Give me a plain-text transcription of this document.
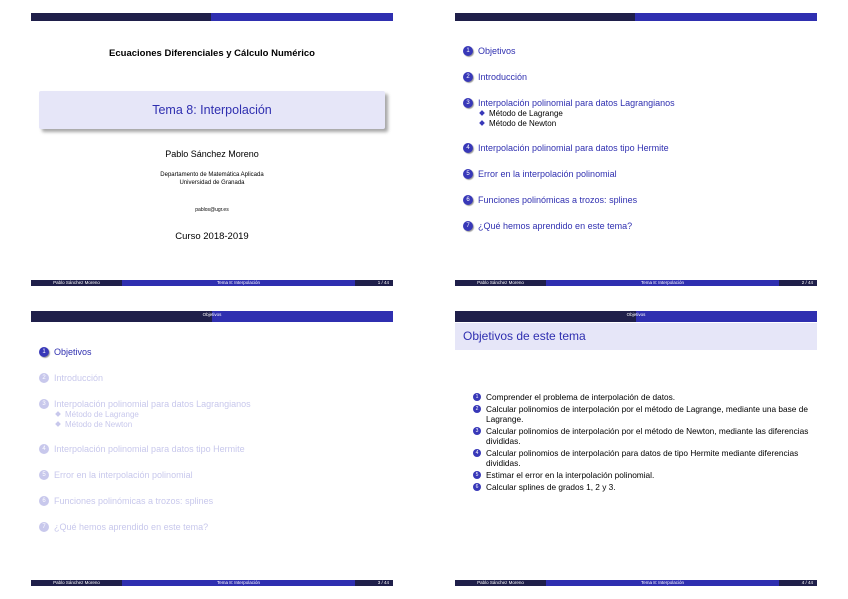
Ecuaciones Diferenciales y Cálculo Numérico
Tema 8: Interpolación
Pablo Sánchez Moreno
Departamento de Matemática Aplicada
Universidad de Granada
pablos@ugr.es
Curso 2018-2019
Pablo Sánchez Moreno	Tema 8: Interpolación	1 / 44
1 Objetivos
2 Introducción
3 Interpolación polinomial para datos Lagrangianos
Método de Lagrange
Método de Newton
4 Interpolación polinomial para datos tipo Hermite
5 Error en la interpolación polinomial
6 Funciones polinómicas a trozos: splines
7 ¿Qué hemos aprendido en este tema?
Pablo Sánchez Moreno	Tema 8: Interpolación	2 / 44
Objetivos
1 Objetivos
2 Introducción
3 Interpolación polinomial para datos Lagrangianos
Método de Lagrange
Método de Newton
4 Interpolación polinomial para datos tipo Hermite
5 Error en la interpolación polinomial
6 Funciones polinómicas a trozos: splines
7 ¿Qué hemos aprendido en este tema?
Pablo Sánchez Moreno	Tema 8: Interpolación	3 / 44
Objetivos
Objetivos de este tema
1 Comprender el problema de interpolación de datos.
2 Calcular polinomios de interpolación por el método de Lagrange, mediante una base de Lagrange.
3 Calcular polinomios de interpolación por el método de Newton, mediante las diferencias divididas.
4 Calcular polinomios de interpolación para datos de tipo Hermite mediante diferencias divididas.
5 Estimar el error en la interpolación polinomial.
6 Calcular splines de grados 1, 2 y 3.
Pablo Sánchez Moreno	Tema 8: Interpolación	4 / 44
